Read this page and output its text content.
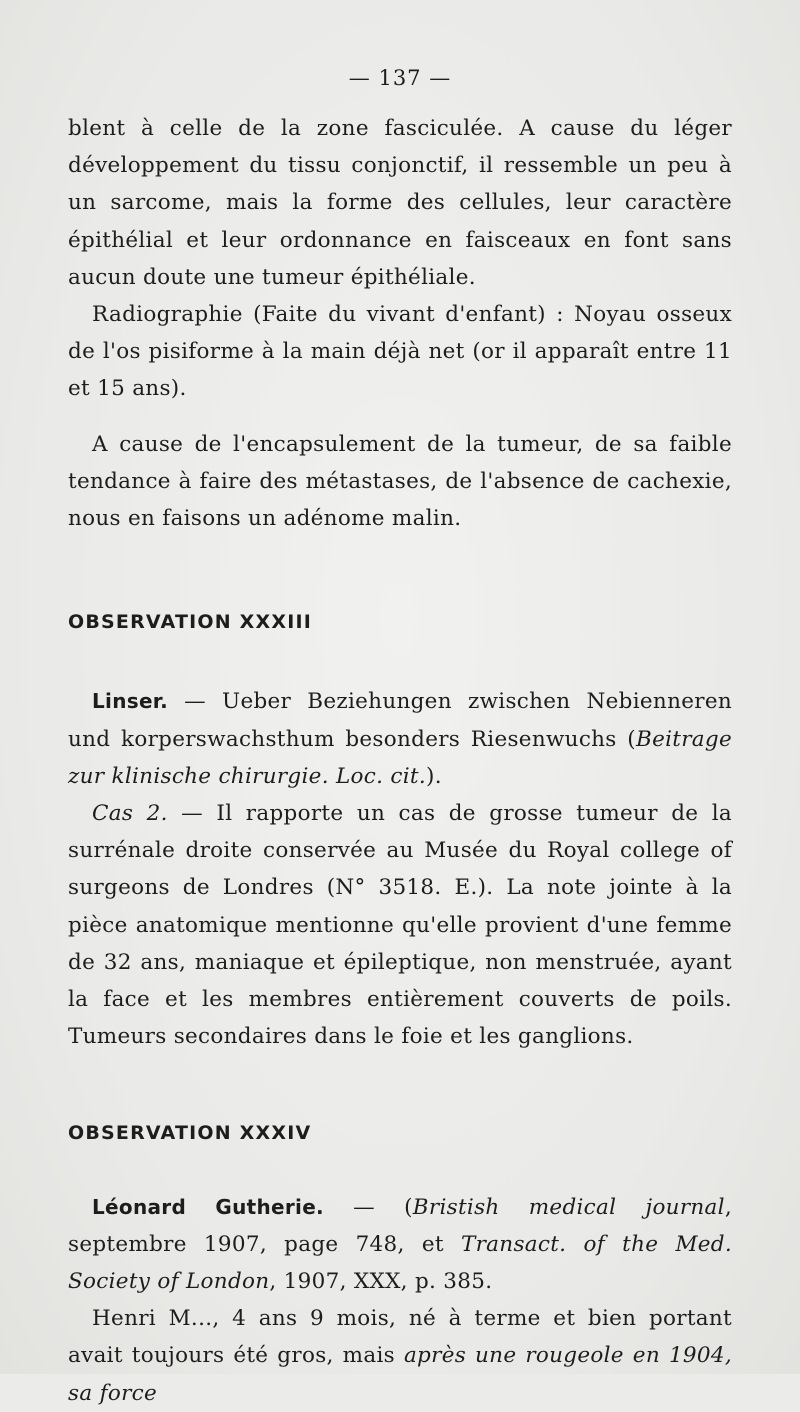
— 137 —

blent à celle de la zone fasciculée. A cause du léger développement du tissu conjonctif, il ressemble un peu à un sarcome, mais la forme des cellules, leur caractère épithélial et leur ordonnance en faisceaux en font sans aucun doute une tumeur épithéliale.

Radiographie (Faite du vivant d'enfant) : Noyau osseux de l'os pisiforme à la main déjà net (or il apparaît entre 11 et 15 ans).

A cause de l'encapsulement de la tumeur, de sa faible tendance à faire des métastases, de l'absence de cachexie, nous en faisons un adénome malin.

OBSERVATION XXXIII

Linser. — Ueber Beziehungen zwischen Nebienneren und korperswachsthum besonders Riesenwuchs (Beitrage zur klinische chirurgie. Loc. cit.).

Cas 2. — Il rapporte un cas de grosse tumeur de la surrénale droite conservée au Musée du Royal college of surgeons de Londres (N° 3518. E.). La note jointe à la pièce anatomique mentionne qu'elle provient d'une femme de 32 ans, maniaque et épileptique, non menstruée, ayant la face et les membres entièrement couverts de poils. Tumeurs secondaires dans le foie et les ganglions.

OBSERVATION XXXIV

Léonard Gutherie. — (Bristish medical journal, septembre 1907, page 748, et Transact. of the Med. Society of London, 1907, XXX, p. 385.

Henri M..., 4 ans 9 mois, né à terme et bien portant avait toujours été gros, mais après une rougeole en 1904, sa force
